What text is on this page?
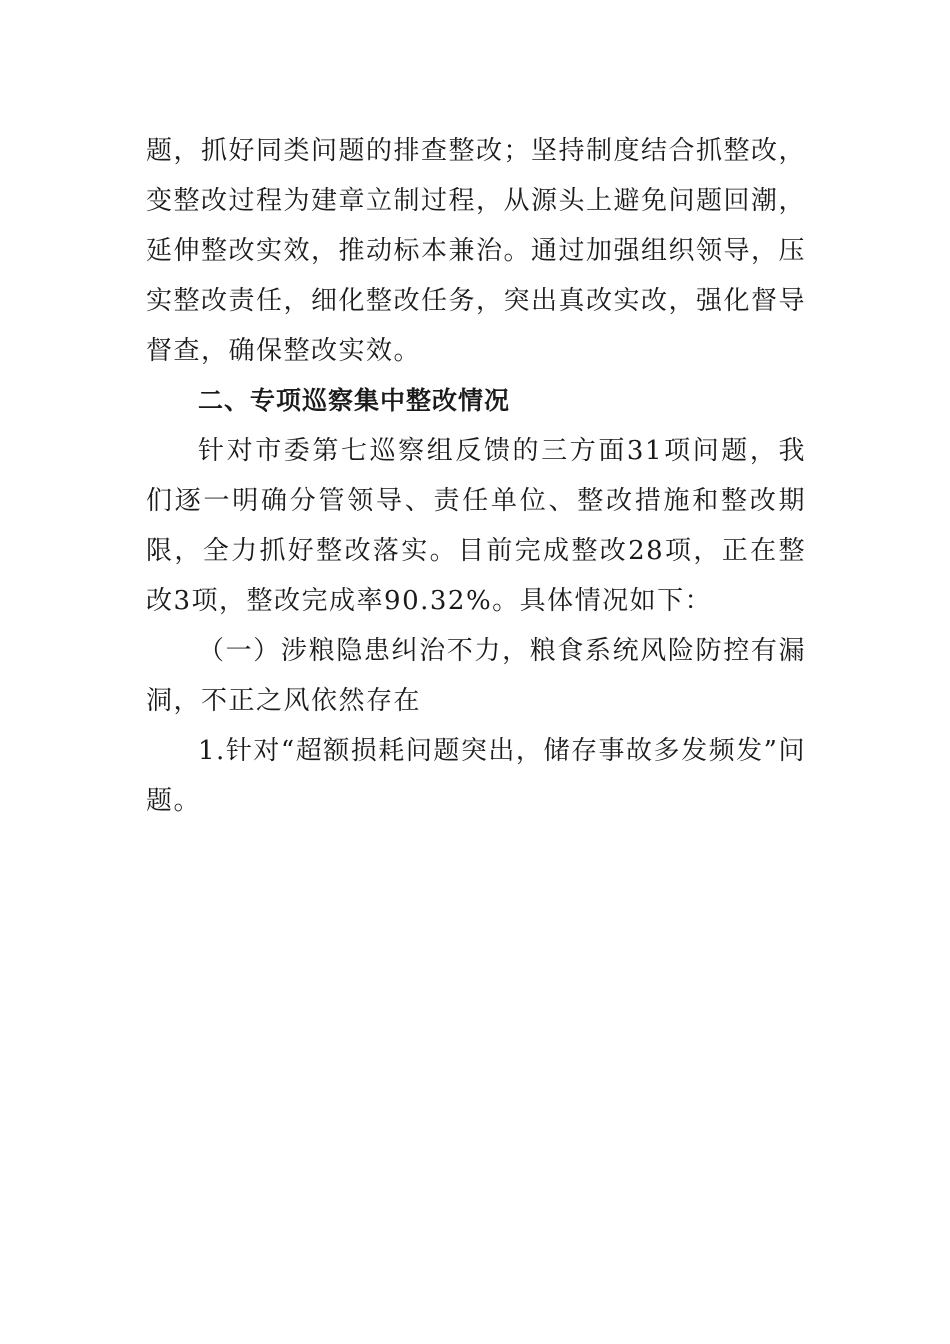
题，抓好同类问题的排查整改；坚持制度结合抓整改，变整改过程为建章立制过程，从源头上避免问题回潮，延伸整改实效，推动标本兼治。通过加强组织领导，压实整改责任，细化整改任务，突出真改实改，强化督导督查，确保整改实效。

二、专项巡察集中整改情况

针对市委第七巡察组反馈的三方面31项问题，我们逐一明确分管领导、责任单位、整改措施和整改期限，全力抓好整改落实。目前完成整改28项，正在整改3项，整改完成率90.32%。具体情况如下：

（一）涉粮隐患纠治不力，粮食系统风险防控有漏洞，不正之风依然存在

1.针对“超额损耗问题突出，储存事故多发频发”问题。
